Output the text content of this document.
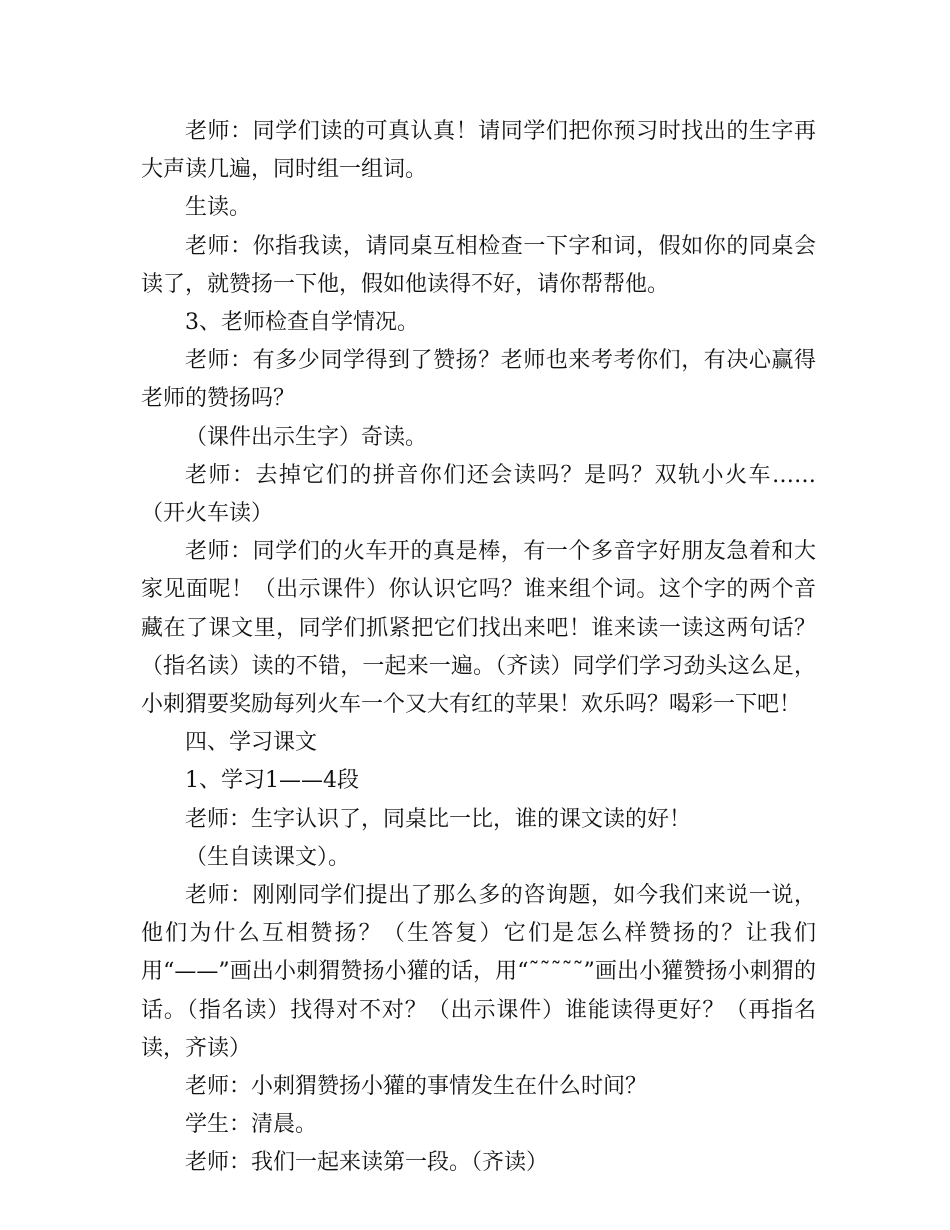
老师：同学们读的可真认真！请同学们把你预习时找出的生字再大声读几遍，同时组一组词。

生读。

老师：你指我读，请同桌互相检查一下字和词，假如你的同桌会读了，就赞扬一下他，假如他读得不好，请你帮帮他。

3、老师检查自学情况。

老师：有多少同学得到了赞扬？老师也来考考你们，有决心赢得老师的赞扬吗？

（课件出示生字）奇读。

老师：去掉它们的拼音你们还会读吗？是吗？双轨小火车……（开火车读）

老师：同学们的火车开的真是棒，有一个多音字好朋友急着和大家见面呢！（出示课件）你认识它吗？谁来组个词。这个字的两个音藏在了课文里，同学们抓紧把它们找出来吧！谁来读一读这两句话？（指名读）读的不错，一起来一遍。（齐读）同学们学习劲头这么足，小刺猬要奖励每列火车一个又大有红的苹果！欢乐吗？喝彩一下吧！

四、学习课文

1、学习1——4段

老师：生字认识了，同桌比一比，谁的课文读的好！

（生自读课文）。

老师：刚刚同学们提出了那么多的咨询题，如今我们来说一说，他们为什么互相赞扬？（生答复）它们是怎么样赞扬的？让我们用“——”画出小刺猬赞扬小獾的话，用“˜˜˜˜˜”画出小獾赞扬小刺猬的话。（指名读）找得对不对？（出示课件）谁能读得更好？（再指名读，齐读）

老师：小刺猬赞扬小獾的事情发生在什么时间？

学生：清晨。

老师：我们一起来读第一段。（齐读）
